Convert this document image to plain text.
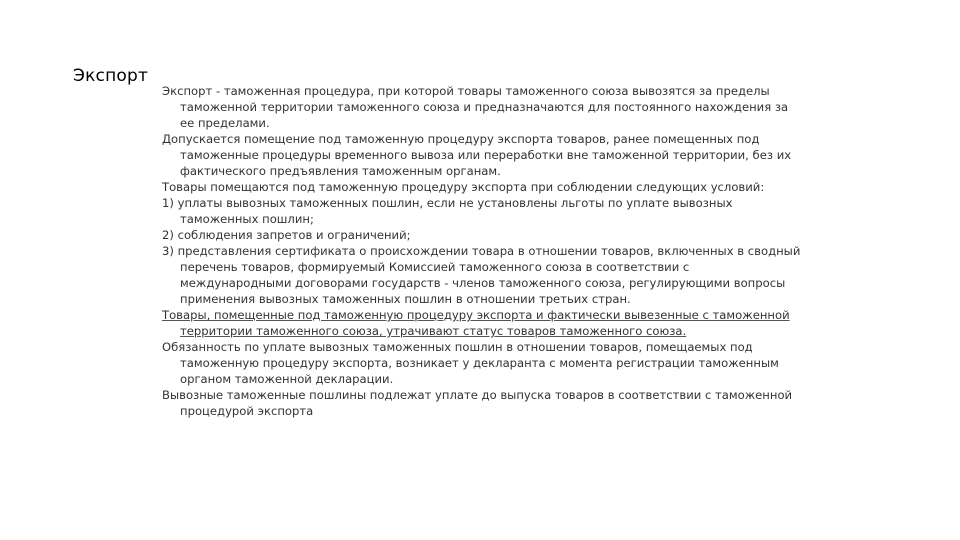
Экспорт

Экспорт - таможенная процедура, при которой товары таможенного союза вывозятся за пределы таможенной территории таможенного союза и предназначаются для постоянного нахождения за ее пределами.

Допускается помещение под таможенную процедуру экспорта товаров, ранее помещенных под таможенные процедуры временного вывоза или переработки вне таможенной территории, без их фактического предъявления таможенным органам.

Товары помещаются под таможенную процедуру экспорта при соблюдении следующих условий:

1) уплаты вывозных таможенных пошлин, если не установлены льготы по уплате вывозных таможенных пошлин;

2) соблюдения запретов и ограничений;

3) представления сертификата о происхождении товара в отношении товаров, включенных в сводный перечень товаров, формируемый Комиссией таможенного союза в соответствии с международными договорами государств - членов таможенного союза, регулирующими вопросы применения вывозных таможенных пошлин в отношении третьих стран.

Товары, помещенные под таможенную процедуру экспорта и фактически вывезенные с таможенной территории таможенного союза, утрачивают статус товаров таможенного союза.

Обязанность по уплате вывозных таможенных пошлин в отношении товаров, помещаемых под таможенную процедуру экспорта, возникает у декларанта с момента регистрации таможенным органом таможенной декларации.

Вывозные таможенные пошлины подлежат уплате до выпуска товаров в соответствии с таможенной процедурой экспорта
